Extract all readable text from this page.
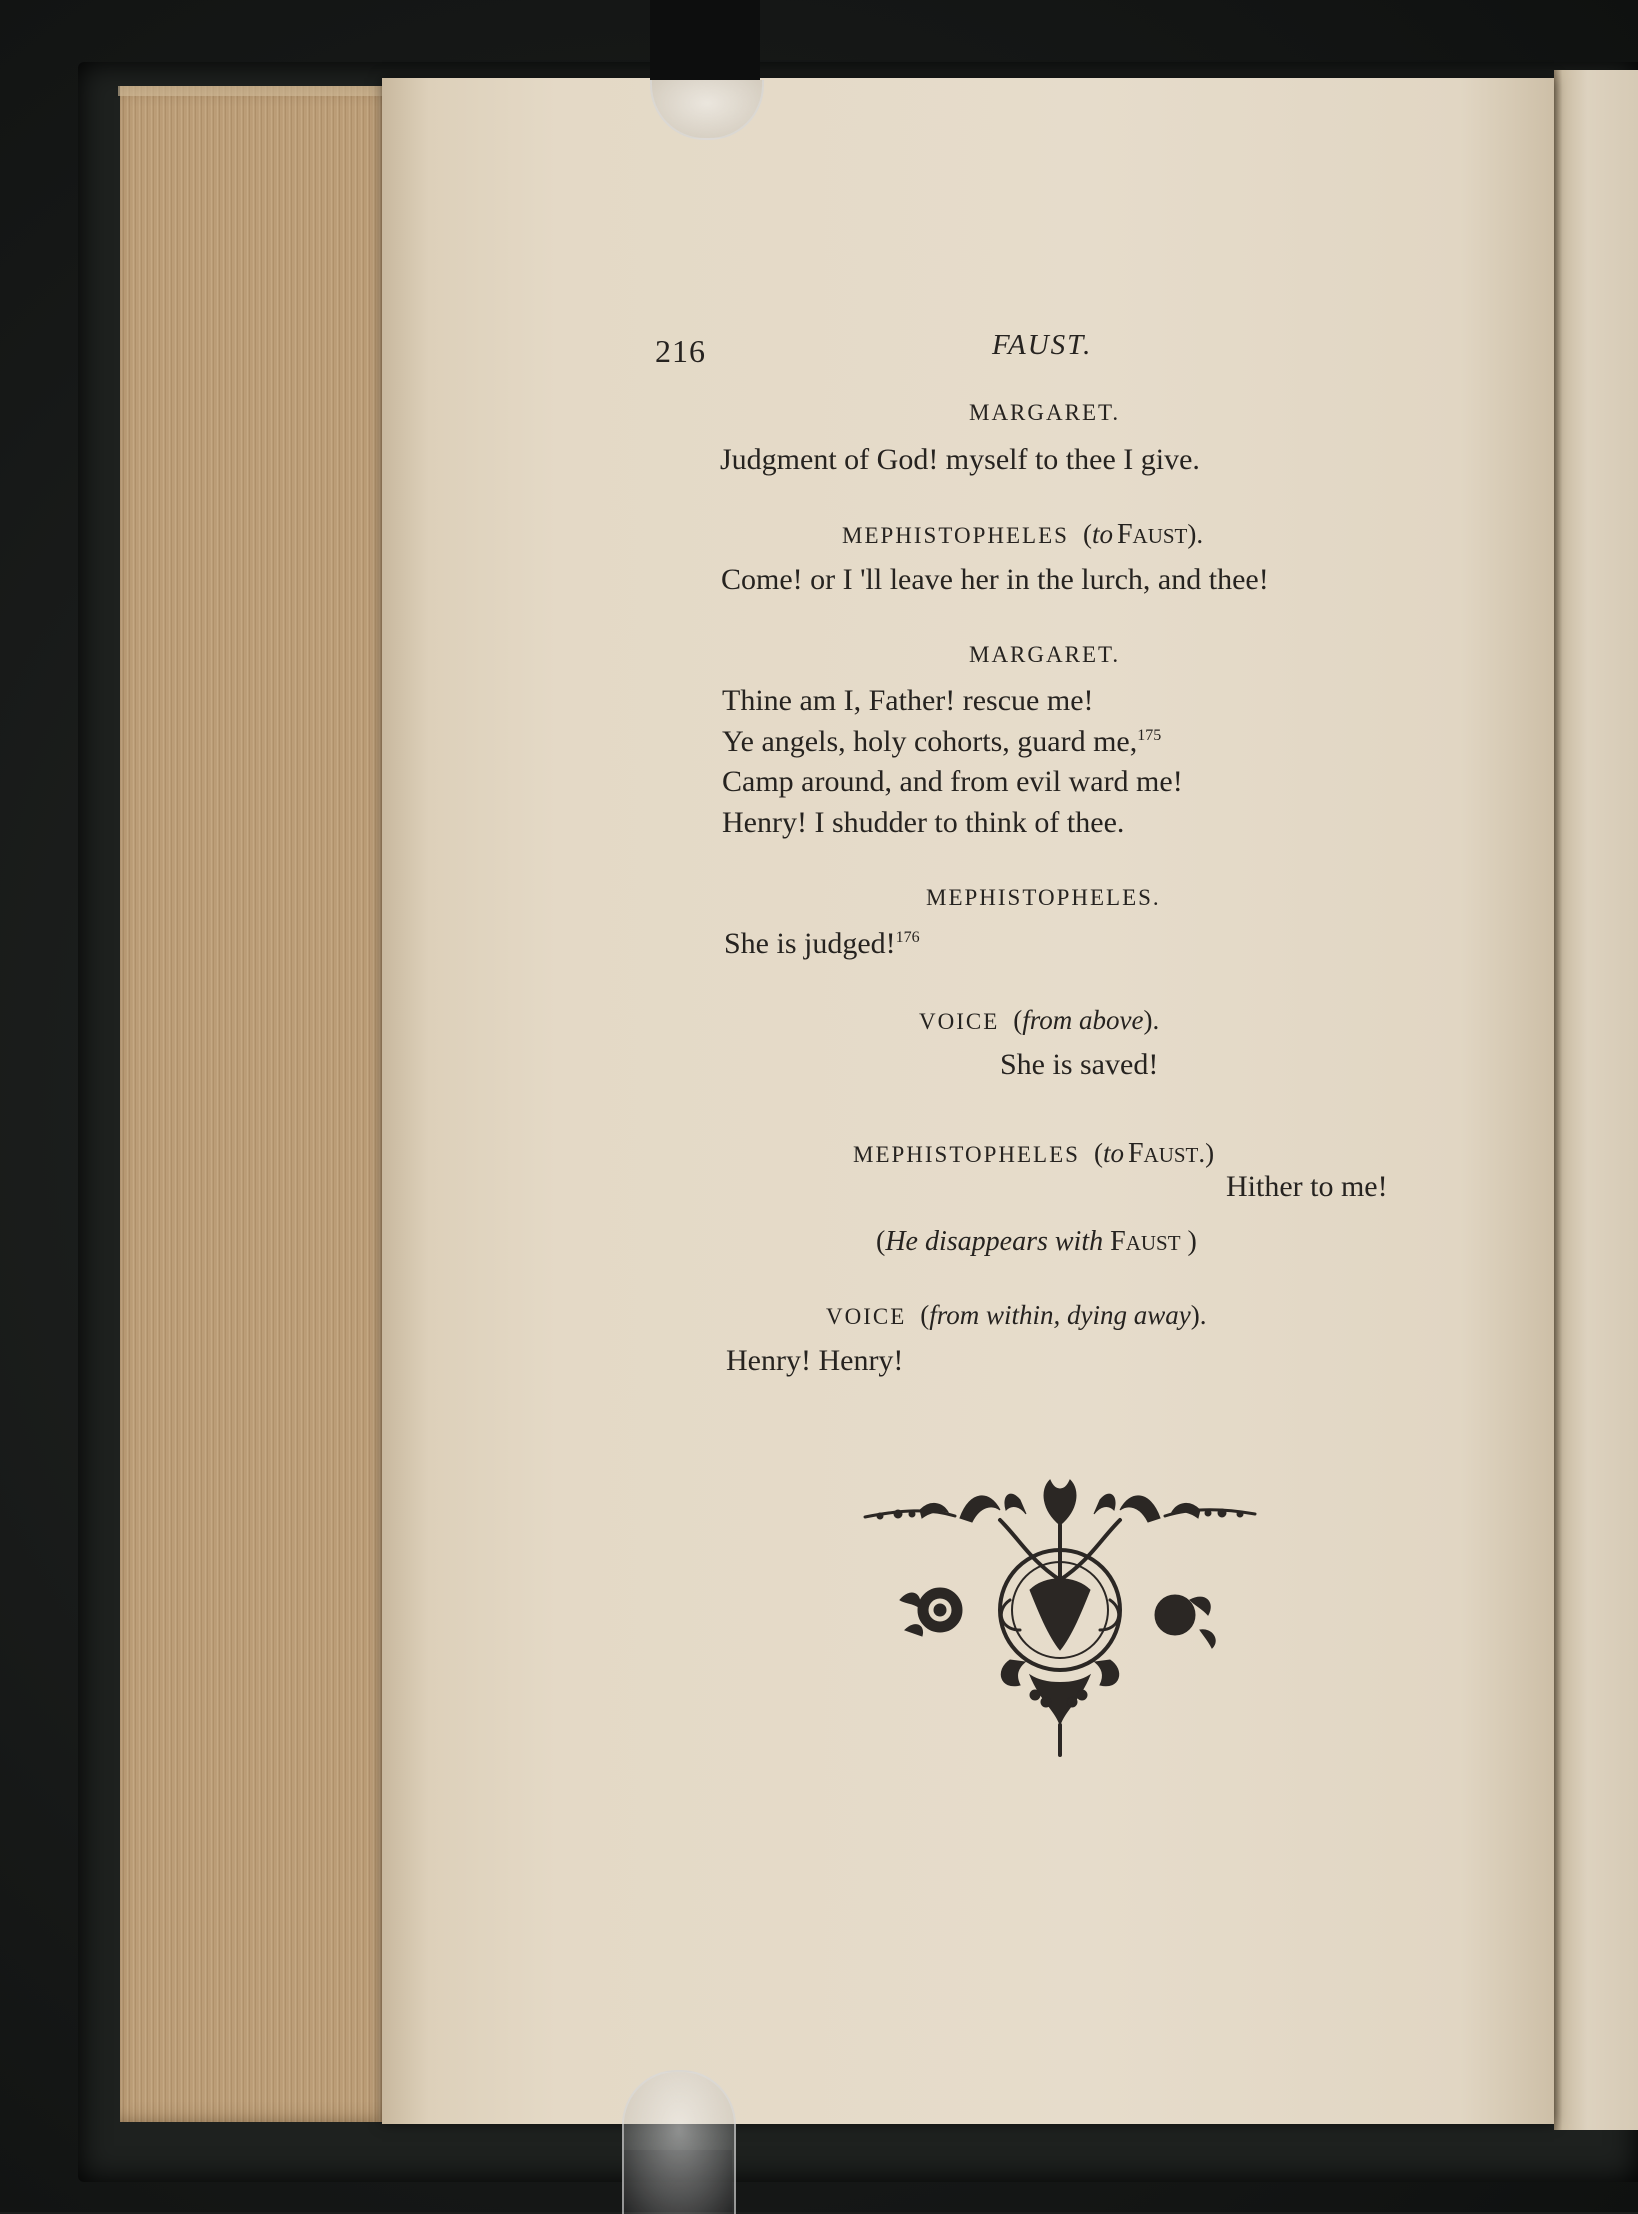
216	FAUST.
MARGARET.
Judgment of God! myself to thee I give.
MEPHISTOPHELES (to FAUST).
Come! or I 'll leave her in the lurch, and thee!
MARGARET.
Thine am I, Father! rescue me!
Ye angels, holy cohorts, guard me,$^{175}$
Camp around, and from evil ward me!
Henry! I shudder to think of thee.
MEPHISTOPHELES.
She is judged!$^{176}$
VOICE (from above).
She is saved!
MEPHISTOPHELES (to FAUST.)
Hither to me!
(He disappears with FAUST )
VOICE (from within, dying away).
Henry! Henry!
